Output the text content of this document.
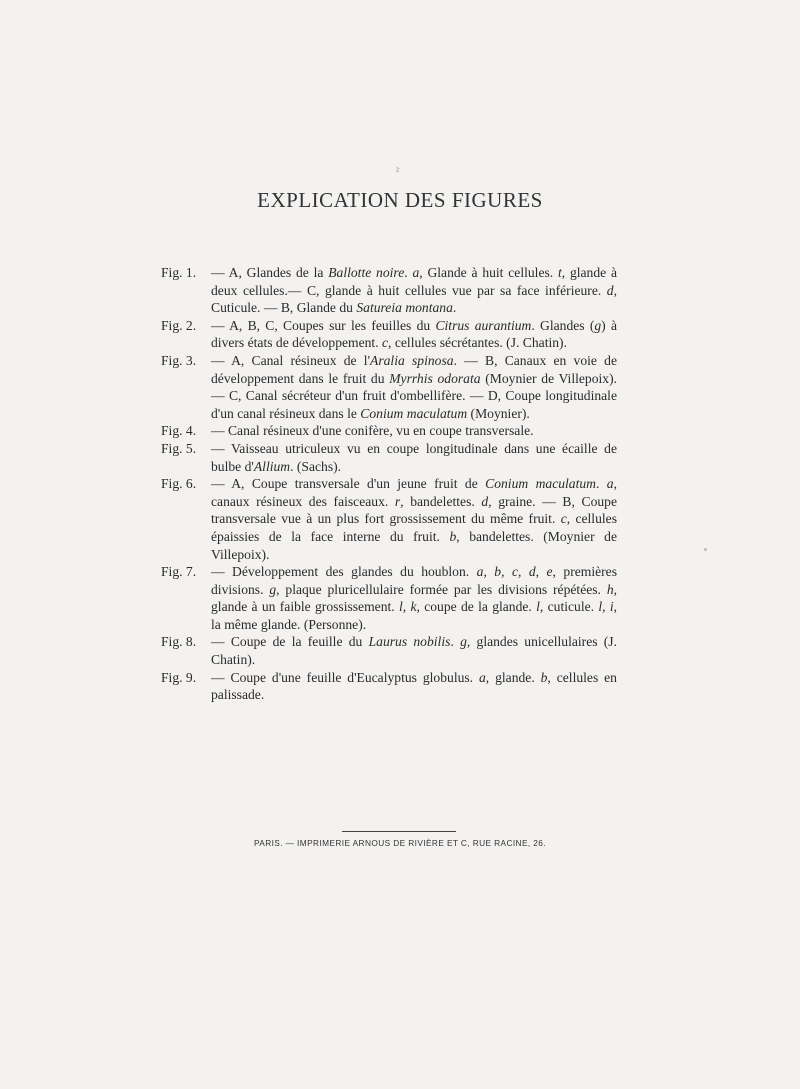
²
EXPLICATION DES FIGURES
Fig. 1.	— A, Glandes de la Ballotte noire. a, Glande à huit cellules. t, glande à deux cellules.— C, glande à huit cellules vue par sa face inférieure. d, Cuticule. — B, Glande du Satureia montana.
Fig. 2.	— A, B, C, Coupes sur les feuilles du Citrus aurantium. Glandes (g) à divers états de développement. c, cellules sécrétantes. (J. Chatin).
Fig. 3.	— A, Canal résineux de l'Aralia spinosa. — B, Canaux en voie de développement dans le fruit du Myrrhis odorata (Moynier de Villepoix). — C, Canal sécréteur d'un fruit d'ombellifère. — D, Coupe longitudinale d'un canal résineux dans le Conium maculatum (Moynier).
Fig. 4.	— Canal résineux d'une conifère, vu en coupe transversale.
Fig. 5.	— Vaisseau utriculeux vu en coupe longitudinale dans une écaille de bulbe d'Allium. (Sachs).
Fig. 6.	— A, Coupe transversale d'un jeune fruit de Conium maculatum. a, canaux résineux des faisceaux. r, bandelettes. d, graine. — B, Coupe transversale vue à un plus fort grossissement du même fruit. c, cellules épaissies de la face interne du fruit. b, bandelettes. (Moynier de Villepoix).
Fig. 7.	— Développement des glandes du houblon. a, b, c, d, e, premières divisions. g, plaque pluricellulaire formée par les divisions répétées. h, glande à un faible grossissement. l, k, coupe de la glande. l, cuticule. l, i, la même glande. (Personne).
Fig. 8.	— Coupe de la feuille du Laurus nobilis. g, glandes unicellulaires (J. Chatin).
Fig. 9.	— Coupe d'une feuille d'Eucalyptus globulus. a, glande. b, cellules en palissade.
PARIS. — IMPRIMERIE ARNOUS DE RIVIÈRE ET C, RUE RACINE, 26.
